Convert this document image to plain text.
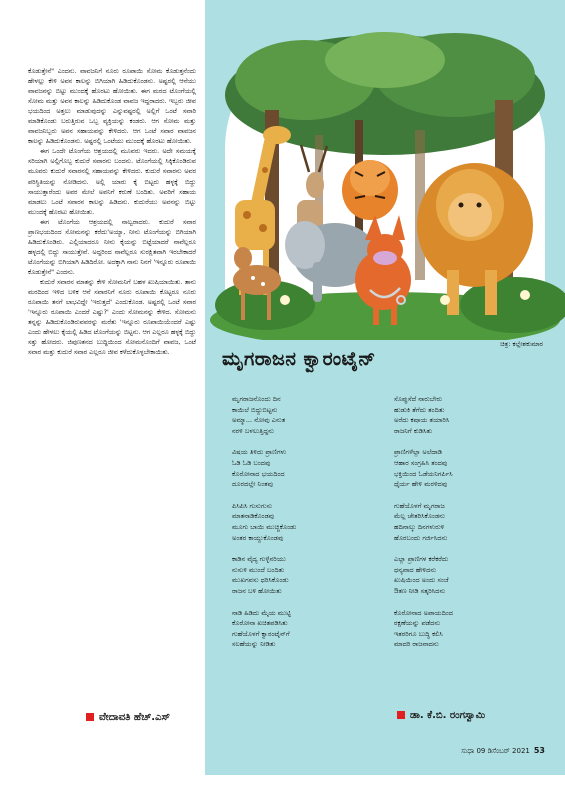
ಕೊಡುತ್ತೇನೆ" ಎಂದನು. ವಾವಜನಿಗೆ ನೂರು ರೂಪಾಯಿ ಸೋಮ ಕೊಡುತ್ತನೆಂದು ಹೇಳಲ್ಲು ಕೇಳಿ ಅವನ ಕಾಲನ್ನು ಬಿಗಿಯಾಗಿ ಹಿಡಿದುಕೊಂಡನು. ಅಷ್ಟರಲ್ಲಿ ಆನೆಯು ವಾವಜನನ್ನು ಬಿಟ್ಟು ಮುಂದಕ್ಕೆ ಹೊರಟು ಹೋಯಿತು. ಈಗ ಮರದ ಟೊಂಗೆಯಲ್ಲಿ ಸೋಮ ಮತ್ತು ಅವನ ಕಾಲನ್ನು ಹಿಡಿದುಕೊಂಡ ವಾವಜ ಇದ್ದರಾದರು. ಇಬ್ಬರು ಜೀವ ಭಯದಿಂದ ಅತ್ತಲು ಮಾಡುವುದನ್ನು ಎನ್ನುವಷ್ಟರಲ್ಲಿ ಅಲ್ಲಿಗೆ ಒಂಟೆ ಸವಾರಿ ಮಾಡಿಕೊಂಡು ಬರುತ್ತಿರುವ ಒಬ್ಬ ವ್ಯಕ್ತಿಯನ್ನು ಕಂಡರು. ಆಗ ಸೋಮ ಮತ್ತು ವಾವಜನಿಬ್ಬರು ಅವನ ಸಹಾಯವನ್ನು ಕೇಳಿದರು. ಆಗ ಒಂಟೆ ಸವಾರ ವಾವಜನ ಕಾಲನ್ನು ಹಿಡಿದುಕೊಂಡನು. ಅಷ್ಟರಲ್ಲಿ ಒಂಟೆಯು ಮುಂದಕ್ಕೆ ಹೊರಟು ಹೋಯಿತು.

ಈಗ ಒಂದೇ ಟೊಂಗೆಯ ಆಶ್ರಯದಲ್ಲಿ ಮೂವರು ಇದರು. ಅದೇ ಸಮಯಕ್ಕೆ ಸರಿಯಾಗಿ ಅಲ್ಲಿಗೊಬ್ಬ ಕುದುರೆ ಸವಾರನು ಬಂದನು. ಟೊಂಗೆಯಲ್ಲಿ ಸಿಕ್ಕಿಕೊಂಡಿರುವ ಮೂವರು ಕುದುರೆ ಸವಾರನಲ್ಲಿ ಸಹಾಯವನ್ನು ಕೇಳಿದರು. ಕುದುರೆ ಸವಾರನು ಅವರ ಪರಿಸ್ಥಿತಿಯನ್ನು ನೋಡಿದನು. ಅಲ್ಲಿ ಯಾರು ಕೈ ಬಿಟ್ಟರು ಹಳ್ಳಕ್ಕೆ ಬಿದ್ದು ಸಾಯುತ್ತಾರೆಂದು ಅವರ ಮೇಲೆ ಅವನಿಗೆ ಕರುಣೆ ಬಂದಿತು. ಅವರಿಗೆ ಸಹಾಯ ಮಾಡಲು ಒಂಟೆ ಸವಾರನ ಕಾಲನ್ನು ಹಿಡಿದನು. ಕುದುರೆಯು ಅವನನ್ನು ಬಿಟ್ಟು ಮುಂದಕ್ಕೆ ಹೊರಟು ಹೋಯಿತು.

ಈಗ ಟೊಂಗೆಯ ಆಶ್ರಯದಲ್ಲಿ ನಾಲ್ವರಾದರು. ಕುದುರೆ ಸವಾರ ಪ್ರಾಣಭಯದಿಂದ ಸೋಮನನ್ನು ಕರೆದು'ಅಯ್ಯಾ, ನೀನು ಟೊಂಗೆಯನ್ನು ಬಿಗಿಯಾಗಿ ಹಿಡಿದುಕೊಂಡಿರು. ಎಲ್ಲಿಯಾದರೂ ನೀನು ಕೈಯನ್ನು ಬಿಟ್ಟೆಯಾದರೆ ನಾವೆಲ್ಲರೂ ಹಳ್ಳದಲ್ಲಿ ಬಿದ್ದು ಸಾಯುತ್ತೇವೆ. ಅದ್ದರಿಂದ ನಾವೆಲ್ಲರೂ ಸುರಕ್ಷಿತವಾಗಿ ಇರಬೇಕಾದರೆ ಟೊಂಗೆಯನ್ನು ಬಿಗಿಯಾಗಿ ಹಿಡಿದಿರೋ. ಅದಕ್ಕಾಗಿ ನಾನು ನಿನಗೆ 'ಇನ್ನೂರು ರೂಪಾಯಿ ಕೊಡುತ್ತೇನೆ" ಎಂದನು.

ಕುದುರೆ ಸವಾರನ ಮಾತನ್ನು ಕೇಳಿ ಸೋಮನಿಗೆ ಬಹಳ ಖುಷಿಯಾಯಿತು. ತಾನು ಮರದಿಂದ ಇಳಿದ ಬಳಿಕ ಆನೆ ಸವಾರನಿಗೆ ನೂರು ರೂಪಾಯಿ ಕೊಟ್ಟರೂ ನೂರು ರೂಪಾಯಿ ತನಗೆ ಲಾಭವಿದ್ದೇ 'ಇರುತ್ತದೆ' ಎಂದುಕೊಂಡ. ಅಷ್ಟರಲ್ಲಿ ಒಂಟೆ ಸವಾರ 'ಇನ್ನೂರು ರೂಪಾಯಿ ಎಂದರೆ ಎಷ್ಟು?' ಎಂದು ಸೋಮನನ್ನು ಕೇಳಿದ. ಸೋಮನು ತನ್ನನ್ನು ಹಿಡಿದುಕೊಂಡಿರುವವರನ್ನು ಮರೆತು 'ಇನ್ನೂರು ರೂಪಾಯಿಯೆಂದರೆ ಎಷ್ಟು ಎಂದು ಹೇಳಲು ಕೈಯಲ್ಲಿ ಹಿಡಿದ ಟೊಂಗೆಯನ್ನು ಬಿಟ್ಟನು. ಆಗ ಎಲ್ಲರೂ ಹಳ್ಳಕ್ಕೆ ಬಿದ್ದು ಸತ್ತು ಹೋದರು. ಜಿಪುಣತನದ ಬುದ್ಧಿಯಿಂದ ಸೋಮನೊಂದಿಗೆ ವಾವಜ, ಒಂಟೆ ಸವಾರ ಮತ್ತು ಕುದುರೆ ಸವಾರ ಎಲ್ಲರೂ ಜೀವ ಕಳೆದುಕೊಳ್ಳಬೇಕಾಯಿತು.

ವೇದಾವತಿ ಹೆಚ್.ಎಸ್
ಚಿತ್ರ: ಕಲ್ಲೇಶಕುಮಾರ
ಮೃಗರಾಜನ ಕ್ವಾರಂಟೈನ್
ಮೃಗರಾಜನೊಂದು ದಿನ
ಕಾಯಿಲೆ ಬಿದ್ದುಬಿಟ್ಟನು
ಅಮ್ಮಾ... ನೋವು ಎನುತ
ನರಳಿ ಬಳಲುತ್ತಿದ್ದನು
ವಿಷಯ ತಿಳಿದು ಪ್ರಾಣಿಗಳು
ಓಡಿ ಓಡಿ ಬಂದವು
ಕೊರೋನಾದ ಭಯದಿಂದ
ದೂರದಲ್ಲೇ ನಿಂತವು
ಪಿಸಿಪಿಸಿ ಗುಸುಗುಸು
ಮಾತನಾಡಿಕೊಂಡವು
ಮೂಗು ಬಾಯಿ ಮುಚ್ಚಿಕೊಂಡು
ಅಂತರ ಕಾಯ್ದುಕೊಂಡವು
ಕಾಡಿನ ವೈದ್ಯ ಗುಳ್ಳೆನರಿಯು
ನುಸುಳಿ ಮುಂದೆ ಬಂದಿತು
ಮುಖಗವಸು ಧರಿಸಿಕೊಂಡು
ರಾಜನ ಬಳಿ ಹೋಯಿತು
ನಾಡಿ ಹಿಡಿದು ಮೈಯ ಮುಟ್ಟಿ
ಕೊರೋನಾ ಖಚಿತಪಡಿಸಿತು
ಗುಹೆಯೊಳಗೆ ಕ್ವಾರಂಟೈನ್‌ಗೆ
ಸಲಹೆಯನ್ನು ನೀಡಿತು
ಸೊಪ್ಪುಸೆದೆ ನಾರುಬೇರು
ಹುಡುಕಿ ತೆಗೆದು ತಂದಿತು
ಅರೆದು ಕಷಾಯ ತಯಾರಿಸಿ
ರಾಜನಿಗೆ ಕುಡಿಸಿತು
ಪ್ರಾಣಿಗಳೆಲ್ಲಾ ಅಲೆದಾಡಿ
ಆಹಾರ ಸಂಗ್ರಹಿಸಿ ತಂದವು
ಭಕ್ತಿಯಿಂದ ಓಡೆಯನಿಗರ್ಪಿಸಿ
ಧೈರ್ಯ ಹೇಳಿ ಮರಳಿದವು
ಗುಹೆಯೊಳಗೆ ಮೃಗರಾಜ
ಮೆಲ್ಲ ಚೇತರಿಸಿಕೊಂಡನು
ಹದಿನಾಲ್ಕು ದಿನಗಳುರುಳಿ
ಹೊರಬಂದು ಗರ್ಜಿಸಿದನು
ಎಲ್ಲಾ ಪ್ರಾಣಿಗಳ ಕರೆಕರೆದು
ಧನ್ಯವಾದ ಹೇಳಿದನು
ಖುಷಿಯಿಂದ ಅಂದು ಸಂಜೆ
ಔತಣ ನೀಡಿ ಸತ್ಕರಿಸಿದನು
ಕೊರೋನಾದ ಅಪಾಯದಿಂದ
ರಕ್ಷಣೆಯನ್ನು ಪಡೆದನು
ಇತರರಿಗೂ ಬುದ್ಧಿ ಕಲಿಸಿ
ಮಾದರಿ ರಾಜನಾದನು
ಡಾ. ಕೆ.ಬಿ. ರಂಗಸ್ವಾಮಿ
ಸುಧಾ 09 ಡಿಸೆಂಬರ್ 2021 53
